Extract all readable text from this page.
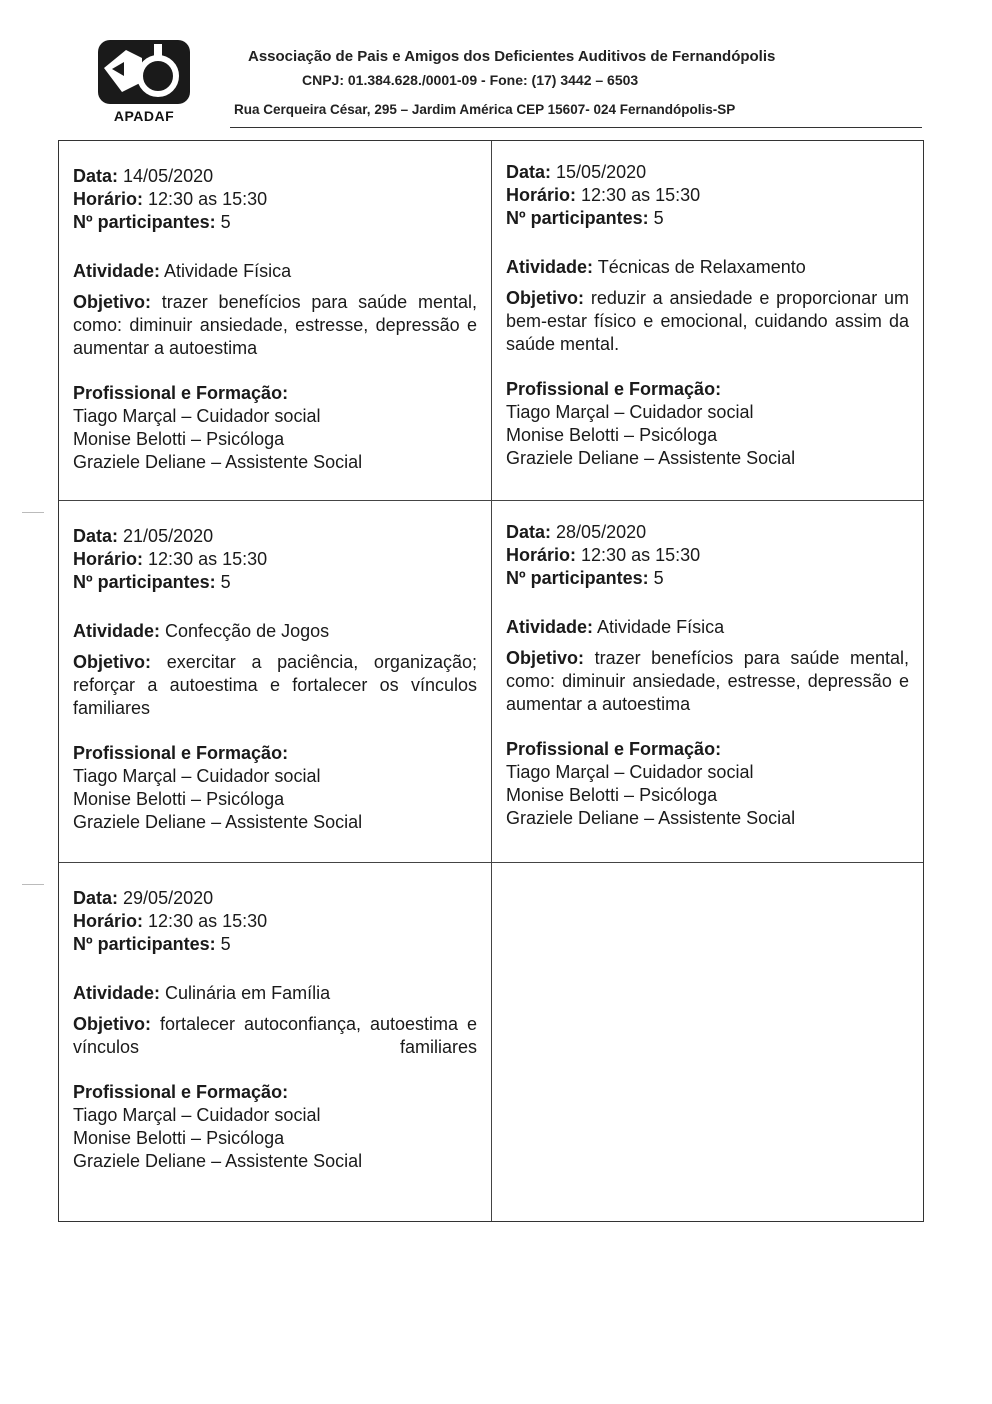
APADAF
Associação de Pais e Amigos dos Deficientes Auditivos de Fernandópolis
CNPJ: 01.384.628./0001-09 - Fone: (17) 3442 – 6503
Rua Cerqueira César, 295 – Jardim América CEP 15607- 024 Fernandópolis-SP
Data: 14/05/2020
Horário: 12:30 as 15:30
Nº participantes: 5
Atividade: Atividade Física
Objetivo: trazer benefícios para saúde mental, como: diminuir ansiedade, estresse, depressão e aumentar a autoestima
Profissional e Formação:
Tiago Marçal – Cuidador social
Monise Belotti – Psicóloga
Graziele Deliane – Assistente Social
Data: 15/05/2020
Horário: 12:30 as 15:30
Nº participantes: 5
Atividade: Técnicas de Relaxamento
Objetivo: reduzir a ansiedade e proporcionar um bem-estar físico e emocional, cuidando assim da saúde mental.
Profissional e Formação:
Tiago Marçal – Cuidador social
Monise Belotti – Psicóloga
Graziele Deliane – Assistente Social
Data: 21/05/2020
Horário: 12:30 as 15:30
Nº participantes: 5
Atividade: Confecção de Jogos
Objetivo: exercitar a paciência, organização; reforçar a autoestima e fortalecer os vínculos familiares
Profissional e Formação:
Tiago Marçal – Cuidador social
Monise Belotti – Psicóloga
Graziele Deliane – Assistente Social
Data: 28/05/2020
Horário: 12:30 as 15:30
Nº participantes: 5
Atividade: Atividade Física
Objetivo: trazer benefícios para saúde mental, como: diminuir ansiedade, estresse, depressão e aumentar a autoestima
Profissional e Formação:
Tiago Marçal – Cuidador social
Monise Belotti – Psicóloga
Graziele Deliane – Assistente Social
Data: 29/05/2020
Horário: 12:30 as 15:30
Nº participantes: 5
Atividade: Culinária em Família
Objetivo: fortalecer autoconfiança, autoestima e vínculos familiares
Profissional e Formação:
Tiago Marçal – Cuidador social
Monise Belotti – Psicóloga
Graziele Deliane – Assistente Social
